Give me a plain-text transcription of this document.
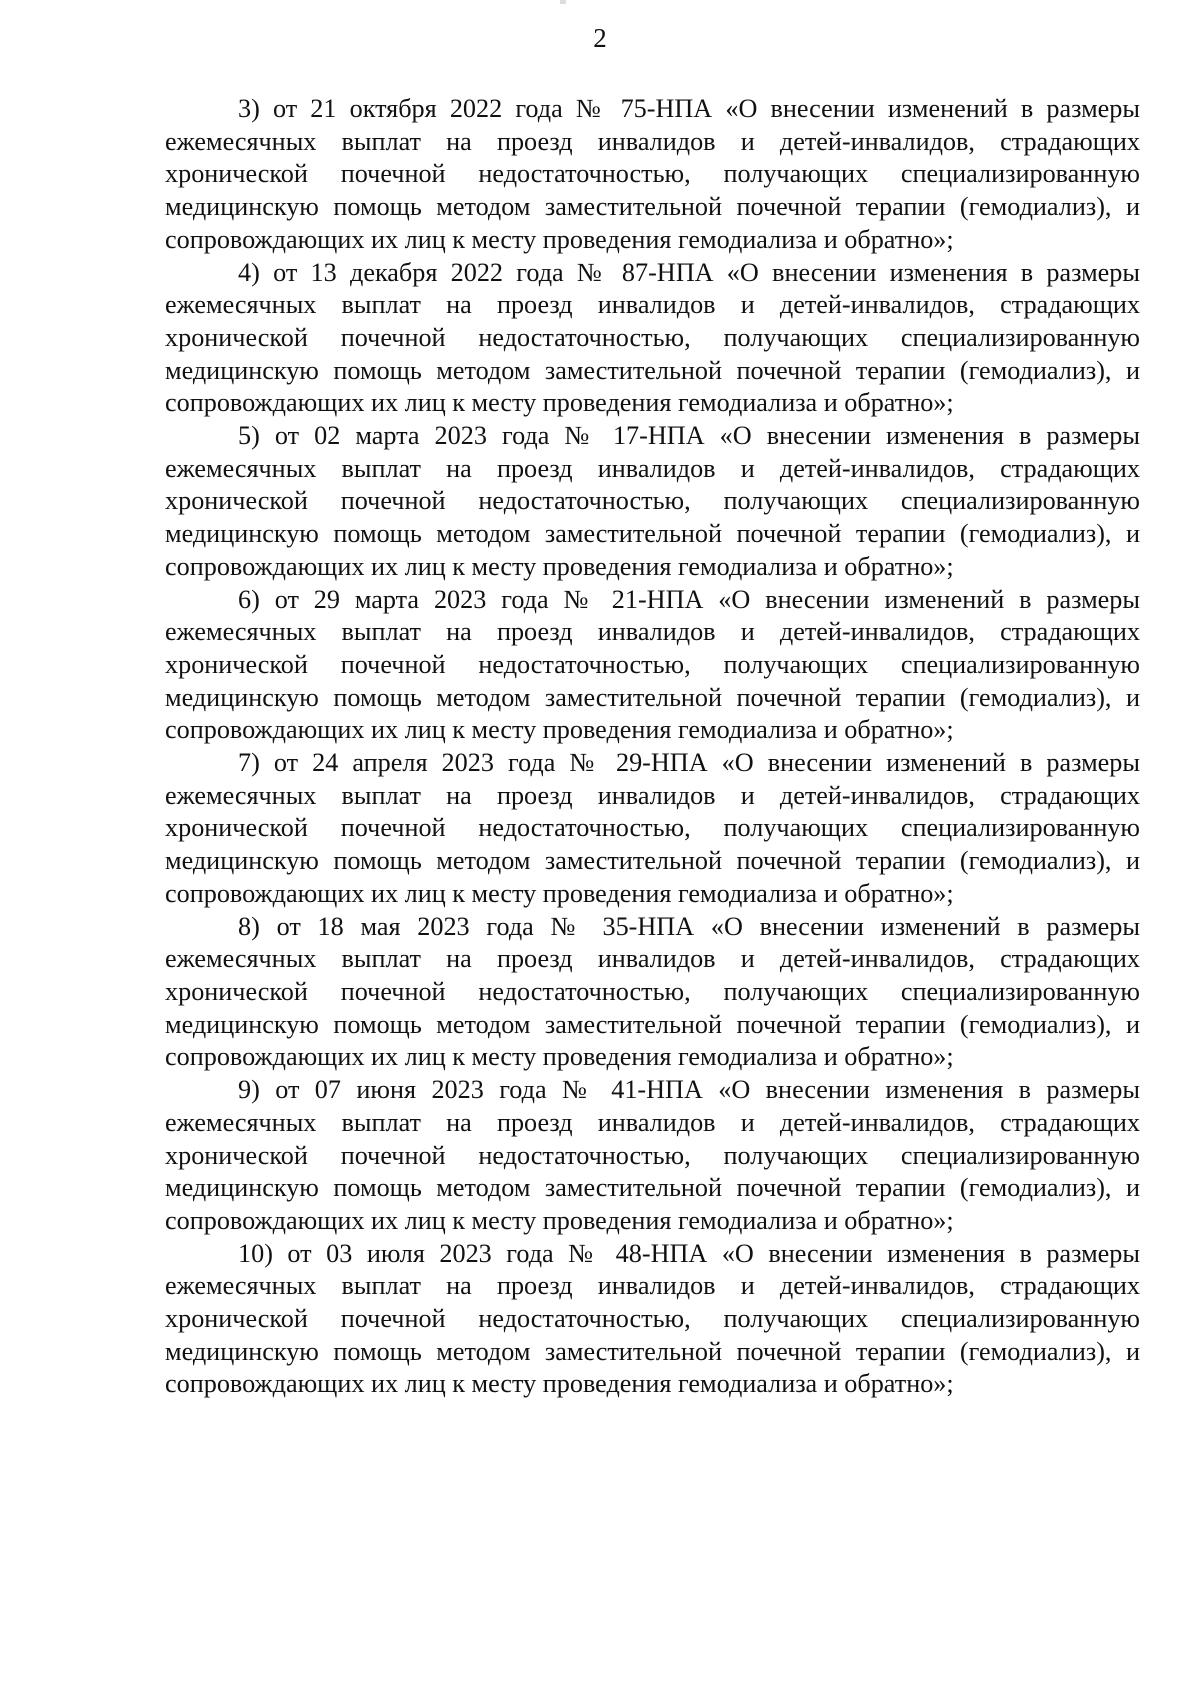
2

3) от 21 октября 2022 года № 75-НПА «О внесении изменений в размеры ежемесячных выплат на проезд инвалидов и детей-инвалидов, страдающих хронической почечной недостаточностью, получающих специализированную медицинскую помощь методом заместительной почечной терапии (гемодиализ), и сопровождающих их лиц к месту проведения гемодиализа и обратно»;

4) от 13 декабря 2022 года № 87-НПА «О внесении изменения в размеры ежемесячных выплат на проезд инвалидов и детей-инвалидов, страдающих хронической почечной недостаточностью, получающих специализированную медицинскую помощь методом заместительной почечной терапии (гемодиализ), и сопровождающих их лиц к месту проведения гемодиализа и обратно»;

5) от 02 марта 2023 года № 17-НПА «О внесении изменения в размеры ежемесячных выплат на проезд инвалидов и детей-инвалидов, страдающих хронической почечной недостаточностью, получающих специализированную медицинскую помощь методом заместительной почечной терапии (гемодиализ), и сопровождающих их лиц к месту проведения гемодиализа и обратно»;

6) от 29 марта 2023 года № 21-НПА «О внесении изменений в размеры ежемесячных выплат на проезд инвалидов и детей-инвалидов, страдающих хронической почечной недостаточностью, получающих специализированную медицинскую помощь методом заместительной почечной терапии (гемодиализ), и сопровождающих их лиц к месту проведения гемодиализа и обратно»;

7) от 24 апреля 2023 года № 29-НПА «О внесении изменений в размеры ежемесячных выплат на проезд инвалидов и детей-инвалидов, страдающих хронической почечной недостаточностью, получающих специализированную медицинскую помощь методом заместительной почечной терапии (гемодиализ), и сопровождающих их лиц к месту проведения гемодиализа и обратно»;

8) от 18 мая 2023 года № 35-НПА «О внесении изменений в размеры ежемесячных выплат на проезд инвалидов и детей-инвалидов, страдающих хронической почечной недостаточностью, получающих специализированную медицинскую помощь методом заместительной почечной терапии (гемодиализ), и сопровождающих их лиц к месту проведения гемодиализа и обратно»;

9) от 07 июня 2023 года № 41-НПА «О внесении изменения в размеры ежемесячных выплат на проезд инвалидов и детей-инвалидов, страдающих хронической почечной недостаточностью, получающих специализированную медицинскую помощь методом заместительной почечной терапии (гемодиализ), и сопровождающих их лиц к месту проведения гемодиализа и обратно»;

10) от 03 июля 2023 года № 48-НПА «О внесении изменения в размеры ежемесячных выплат на проезд инвалидов и детей-инвалидов, страдающих хронической почечной недостаточностью, получающих специализированную медицинскую помощь методом заместительной почечной терапии (гемодиализ), и сопровождающих их лиц к месту проведения гемодиализа и обратно»;
